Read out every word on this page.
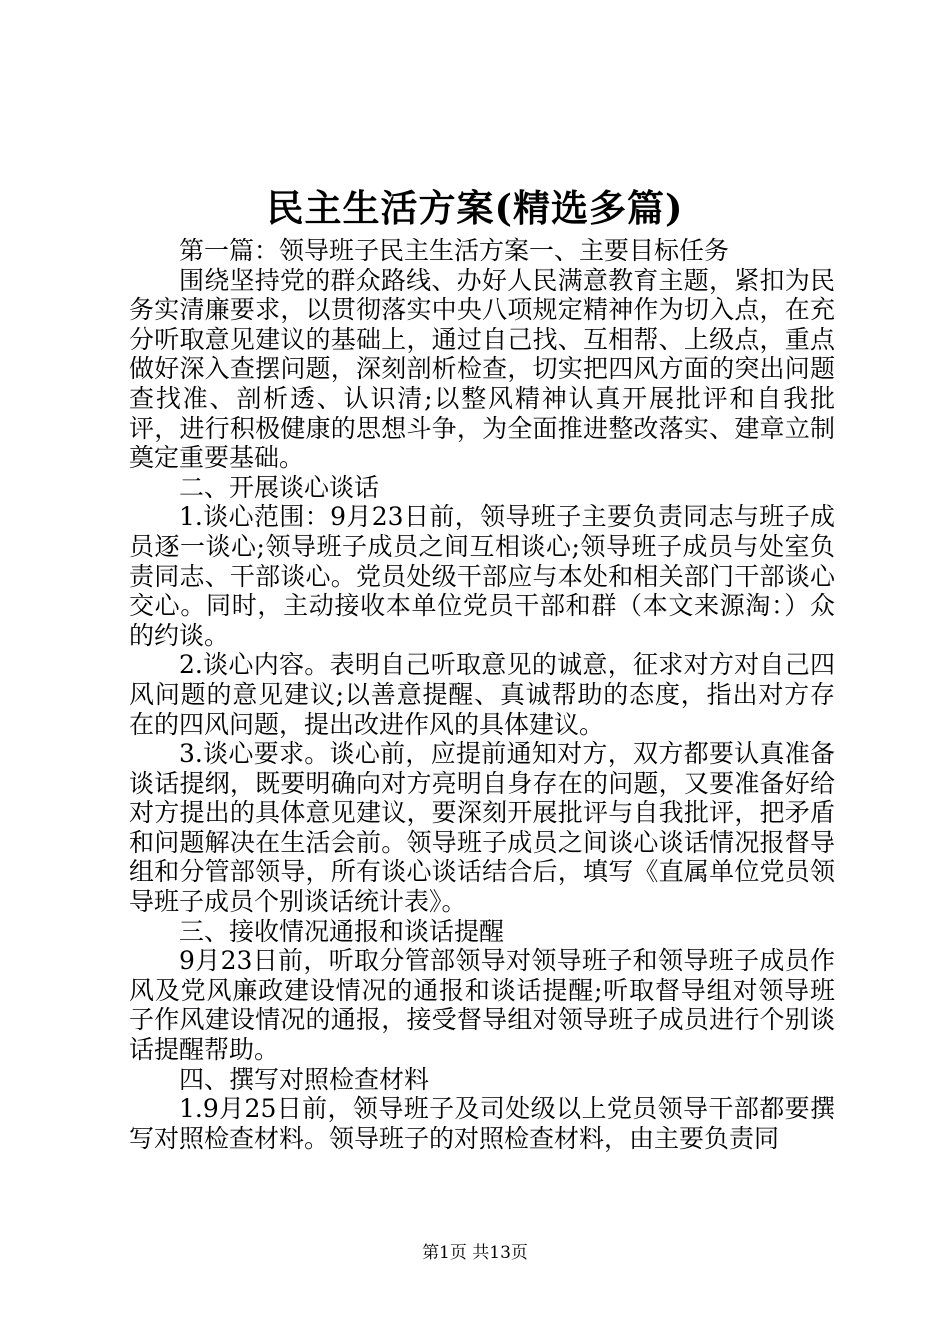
民主生活方案(精选多篇)

第一篇：领导班子民主生活方案一、主要目标任务

围绕坚持党的群众路线、办好人民满意教育主题，紧扣为民务实清廉要求，以贯彻落实中央八项规定精神作为切入点，在充分听取意见建议的基础上，通过自己找、互相帮、上级点，重点做好深入查摆问题，深刻剖析检查，切实把四风方面的突出问题查找准、剖析透、认识清;以整风精神认真开展批评和自我批评，进行积极健康的思想斗争，为全面推进整改落实、建章立制奠定重要基础。

二、开展谈心谈话

1.谈心范围：9月23日前，领导班子主要负责同志与班子成员逐一谈心;领导班子成员之间互相谈心;领导班子成员与处室负责同志、干部谈心。党员处级干部应与本处和相关部门干部谈心交心。同时，主动接收本单位党员干部和群（本文来源淘：）众的约谈。

2.谈心内容。表明自己听取意见的诚意，征求对方对自己四风问题的意见建议;以善意提醒、真诚帮助的态度，指出对方存在的四风问题，提出改进作风的具体建议。

3.谈心要求。谈心前，应提前通知对方，双方都要认真准备谈话提纲，既要明确向对方亮明自身存在的问题，又要准备好给对方提出的具体意见建议，要深刻开展批评与自我批评，把矛盾和问题解决在生活会前。领导班子成员之间谈心谈话情况报督导组和分管部领导，所有谈心谈话结合后，填写《直属单位党员领导班子成员个别谈话统计表》。

三、接收情况通报和谈话提醒

9月23日前，听取分管部领导对领导班子和领导班子成员作风及党风廉政建设情况的通报和谈话提醒;听取督导组对领导班子作风建设情况的通报，接受督导组对领导班子成员进行个别谈话提醒帮助。

四、撰写对照检查材料

1.9月25日前，领导班子及司处级以上党员领导干部都要撰写对照检查材料。领导班子的对照检查材料，由主要负责同

第1页 共13页
